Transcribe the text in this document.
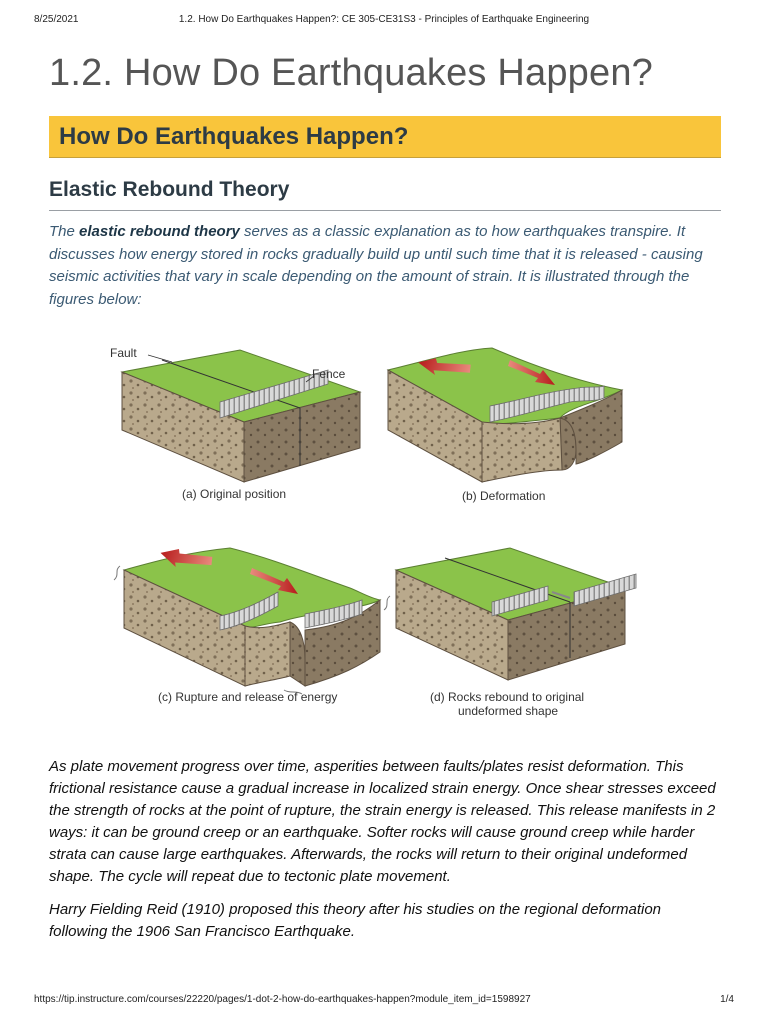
8/25/2021	1.2. How Do Earthquakes Happen?: CE 305-CE31S3 - Principles of Earthquake Engineering
1.2. How Do Earthquakes Happen?
How Do Earthquakes Happen?
Elastic Rebound Theory

The elastic rebound theory serves as a classic explanation as to how earthquakes transpire. It discusses how energy stored in rocks gradually build up until such time that it is released - causing seismic activities that vary in scale depending on the amount of strain. It is illustrated through the figures below:

Fault
Fence
(a) Original position	(b) Deformation
(c) Rupture and release of energy	(d) Rocks rebound to original
undeformed shape

As plate movement progress over time, asperities between faults/plates resist deformation. This frictional resistance cause a gradual increase in localized strain energy. Once shear stresses exceed the strength of rocks at the point of rupture, the strain energy is released. This release manifests in 2 ways: it can be ground creep or an earthquake. Softer rocks will cause ground creep while harder strata can cause large earthquakes. Afterwards, the rocks will return to their original undeformed shape. The cycle will repeat due to tectonic plate movement.

Harry Fielding Reid (1910) proposed this theory after his studies on the regional deformation following the 1906 San Francisco Earthquake.

https://tip.instructure.com/courses/22220/pages/1-dot-2-how-do-earthquakes-happen?module_item_id=1598927	1/4
